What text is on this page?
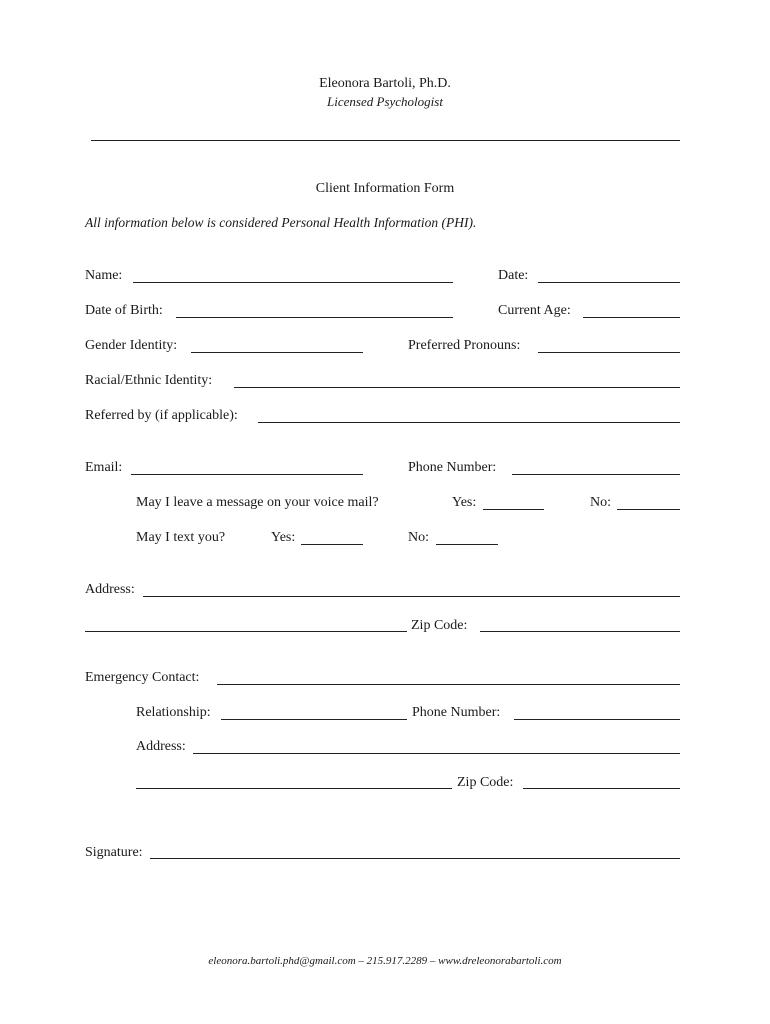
Eleonora Bartoli, Ph.D.
Licensed Psychologist
Client Information Form
All information below is considered Personal Health Information (PHI).
Name:	Date:
Date of Birth:	Current Age:
Gender Identity:	Preferred Pronouns:
Racial/Ethnic Identity:
Referred by (if applicable):
Email:	Phone Number:
May I leave a message on your voice mail?	Yes:	No:
May I text you?	Yes:	No:
Address:
Zip Code:
Emergency Contact:
Relationship:	Phone Number:
Address:
Zip Code:
Signature:
eleonora.bartoli.phd@gmail.com – 215.917.2289 – www.dreleonorabartoli.com
